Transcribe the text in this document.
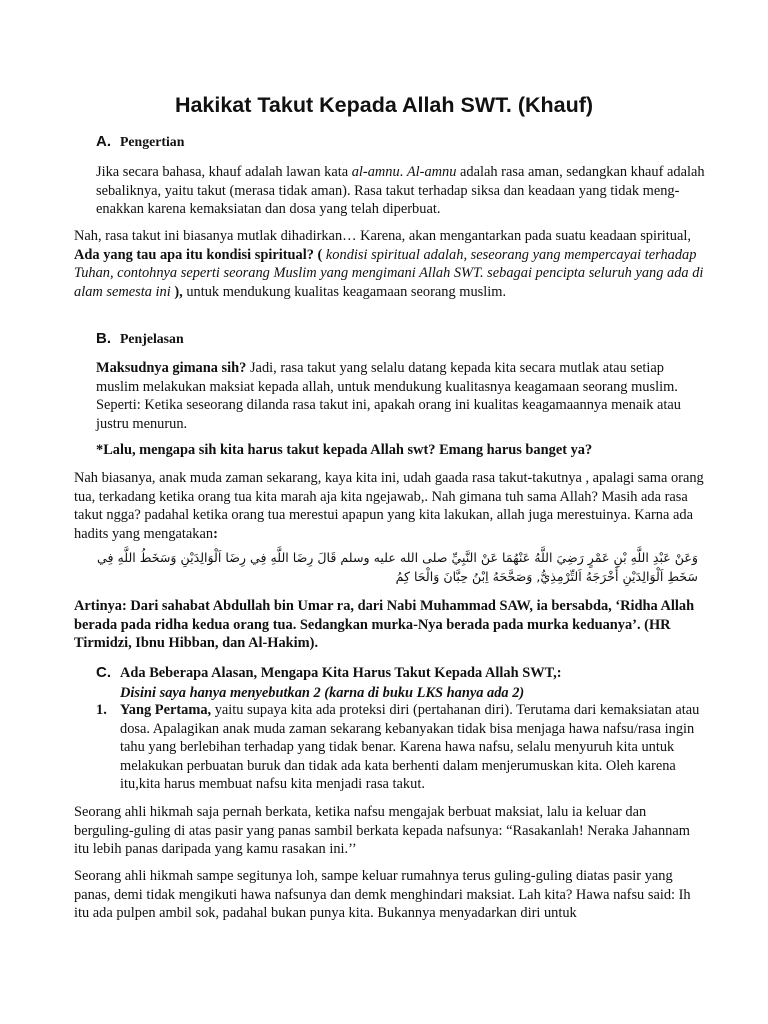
Hakikat Takut Kepada Allah SWT. (Khauf)
A. Pengertian

Jika secara bahasa, khauf adalah lawan kata al-amnu. Al-amnu adalah rasa aman, sedangkan khauf adalah sebaliknya, yaitu takut (merasa tidak aman). Rasa takut terhadap siksa dan keadaan yang tidak meng-enakkan karena kemaksiatan dan dosa yang telah diperbuat.

Nah, rasa takut ini biasanya mutlak dihadirkan… Karena, akan mengantarkan pada suatu keadaan spiritual, Ada yang tau apa itu kondisi spiritual? ( kondisi spiritual adalah, seseorang yang mempercayai terhadap Tuhan, contohnya seperti seorang Muslim yang mengimani Allah SWT. sebagai pencipta seluruh yang ada di alam semesta ini ), untuk mendukung kualitas keagamaan seorang muslim.

B. Penjelasan

Maksudnya gimana sih? Jadi, rasa takut yang selalu datang kepada kita secara mutlak atau setiap muslim melakukan maksiat kepada allah, untuk mendukung kualitasnya keagamaan seorang muslim. Seperti: Ketika seseorang dilanda rasa takut ini, apakah orang ini kualitas keagamaannya menaik atau justru menurun.

*Lalu, mengapa sih kita harus takut kepada Allah swt? Emang harus banget ya?

Nah biasanya, anak muda zaman sekarang, kaya kita ini, udah gaada rasa takut-takutnya , apalagi sama orang tua, terkadang ketika orang tua kita marah aja kita ngejawab,. Nah gimana tuh sama Allah? Masih ada rasa takut ngga? padahal ketika orang tua merestui apapun yang kita lakukan, allah juga merestuinya. Karna ada hadits yang mengatakan:

وَعَنْ عَبْدِ اللَّهِ بْنِ عَمْرٍ رَضِيَ اللَّهُ عَنْهُمَا عَنْ النَّبِيِّ صلى الله عليه وسلم قَالَ رِضَا اللَّهِ فِي رِضَا اَلْوَالِدَيْنِ وَسَخَطُ اللَّهِ فِي سَخَطِ اَلْوَالِدَيْنِ أَخْرَجَهُ اَلتِّرْمِذِيُّ, وَصَحَّحَهُ اِبْنُ حِبَّانَ وَالْحَا كِمُ

Artinya: Dari sahabat Abdullah bin Umar ra, dari Nabi Muhammad SAW, ia bersabda, ‘Ridha Allah berada pada ridha kedua orang tua. Sedangkan murka-Nya berada pada murka keduanya’. (HR Tirmidzi, Ibnu Hibban, dan Al-Hakim).

C. Ada Beberapa Alasan, Mengapa Kita Harus Takut Kepada Allah SWT,:

Disini saya hanya menyebutkan 2 (karna di buku LKS hanya ada 2)

1. Yang Pertama, yaitu supaya kita ada proteksi diri (pertahanan diri). Terutama dari kemaksiatan atau dosa. Apalagikan anak muda zaman sekarang kebanyakan tidak bisa menjaga hawa nafsu/rasa ingin tahu yang berlebihan terhadap yang tidak benar. Karena hawa nafsu, selalu menyuruh kita untuk melakukan perbuatan buruk dan tidak ada kata berhenti dalam menjerumuskan kita. Oleh karena itu,kita harus membuat nafsu kita menjadi rasa takut.

Seorang ahli hikmah saja pernah berkata, ketika nafsu mengajak berbuat maksiat, lalu ia keluar dan berguling-guling di atas pasir yang panas sambil berkata kepada nafsunya: “Rasakanlah! Neraka Jahannam itu lebih panas daripada yang kamu rasakan ini.’’

Seorang ahli hikmah sampe segitunya loh, sampe keluar rumahnya terus guling-guling diatas pasir yang panas, demi tidak mengikuti hawa nafsunya dan demk menghindari maksiat. Lah kita? Hawa nafsu said: Ih itu ada pulpen ambil sok, padahal bukan punya kita. Bukannya menyadarkan diri untuk
